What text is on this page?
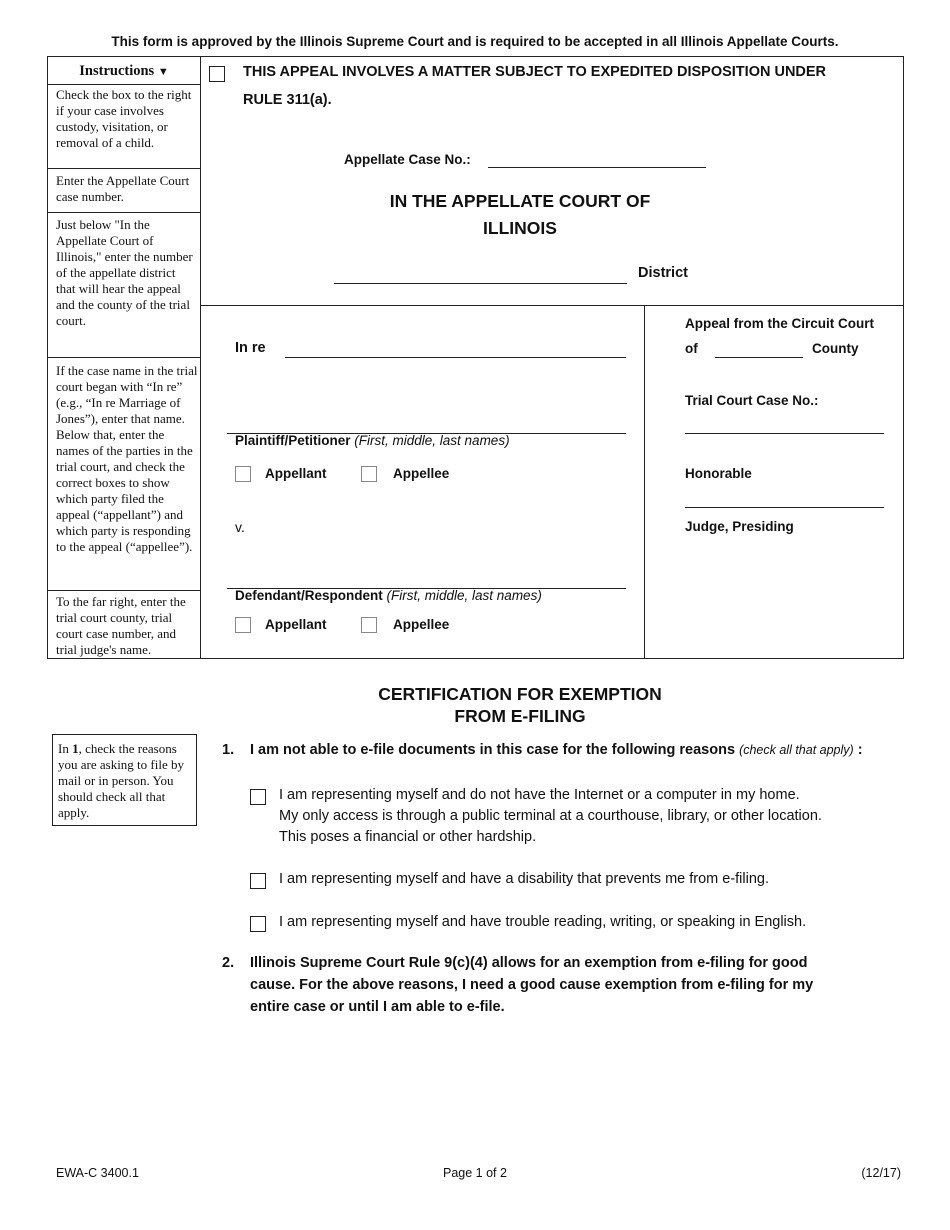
This form is approved by the Illinois Supreme Court and is required to be accepted in all Illinois Appellate Courts.
Instructions ▼
Check the box to the right if your case involves custody, visitation, or removal of a child.
Enter the Appellate Court case number.
Just below "In the Appellate Court of Illinois," enter the number of the appellate district that will hear the appeal and the county of the trial court.
If the case name in the trial court began with “In re” (e.g., “In re Marriage of Jones”), enter that name. Below that, enter the names of the parties in the trial court, and check the correct boxes to show which party filed the appeal (“appellant”) and which party is responding to the appeal (“appellee”).
To the far right, enter the trial court county, trial court case number, and trial judge's name.
THIS APPEAL INVOLVES A MATTER SUBJECT TO EXPEDITED DISPOSITION UNDER
RULE 311(a).
Appellate Case No.:
IN THE APPELLATE COURT OF
ILLINOIS
District
In re
Plaintiff/Petitioner (First, middle, last names)
Appellant	Appellee
v.
Defendant/Respondent (First, middle, last names)
Appellant	Appellee
Appeal from the Circuit Court
of	County
Trial Court Case No.:
Honorable
Judge, Presiding
CERTIFICATION FOR EXEMPTION
FROM E-FILING
In 1, check the reasons you are asking to file by mail or in person. You should check all that apply.
1. I am not able to e-file documents in this case for the following reasons (check all that apply) :
I am representing myself and do not have the Internet or a computer in my home.
My only access is through a public terminal at a courthouse, library, or other location.
This poses a financial or other hardship.
I am representing myself and have a disability that prevents me from e-filing.
I am representing myself and have trouble reading, writing, or speaking in English.
2. Illinois Supreme Court Rule 9(c)(4) allows for an exemption from e-filing for good
cause. For the above reasons, I need a good cause exemption from e-filing for my
entire case or until I am able to e-file.
EWA-C 3400.1	Page 1 of 2	(12/17)
